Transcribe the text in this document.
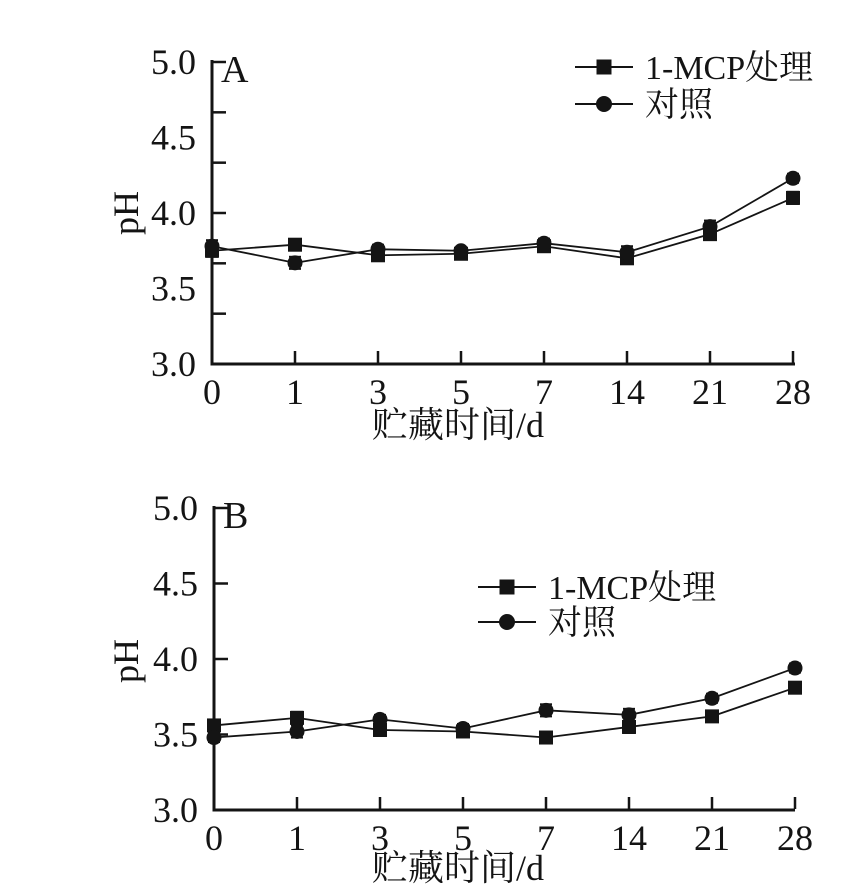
5.0
4.5
4.0
3.5
3.0
0 1 3 5 7 14 21 28
贮藏时间/d
pH
A	1-MCP处理
对照
5.0
4.5
4.0
3.5
3.0
0 1 3 5 7 14 21 28
贮藏时间/d
pH
B
1-MCP处理
对照
